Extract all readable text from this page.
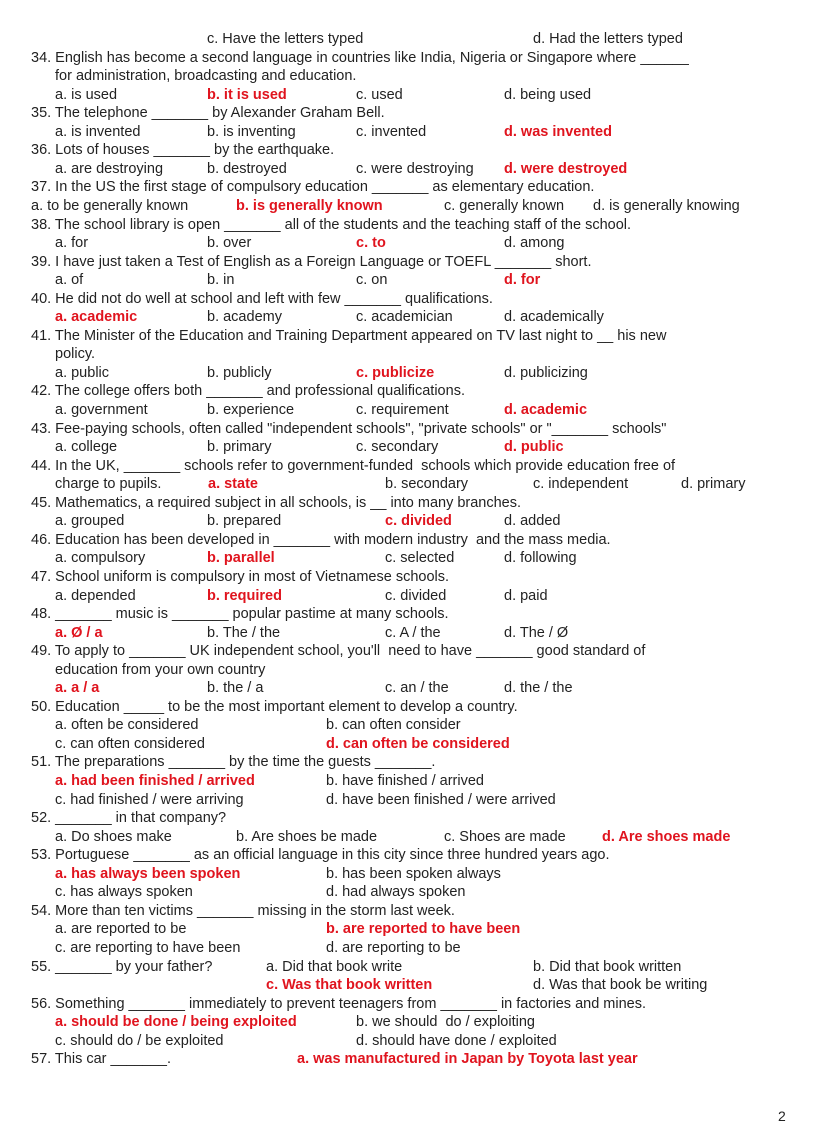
c. Have the letters typed	d. Had the letters typed
34. English has become a second language in countries like India, Nigeria or Singapore where ______
for administration, broadcasting and education.
a. is used	b. it is used	c. used	d. being used
35. The telephone _______ by Alexander Graham Bell.
a. is invented	b. is inventing	c. invented	d. was invented
36. Lots of houses _______ by the earthquake.
a. are destroying	b. destroyed	c. were destroying d. were destroyed
37. In the US the first stage of compulsory education _______ as elementary education.
a. to be generally known	b. is generally known	c. generally known d. is generally knowing
38. The school library is open _______ all of the students and the teaching staff of the school.
a. for	b. over	c. to	d. among
39. I have just taken a Test of English as a Foreign Language or TOEFL _______ short.
a. of	b. in	c. on	d. for
40. He did not do well at school and left with few _______ qualifications.
a. academic	b. academy	c. academician	d. academically
41. The Minister of the Education and Training Department appeared on TV last night to __ his new
policy.
a. public	b. publicly	c. publicize	d. publicizing
42. The college offers both _______ and professional qualifications.
a. government	b. experience	c. requirement	d. academic
43. Fee-paying schools, often called "independent schools", "private schools" or "_______ schools"
a. college	b. primary	c. secondary	d. public
44. In the UK, _______ schools refer to government-funded  schools which provide education free of
charge to pupils.	a. state	b. secondary	c. independent	d. primary
45. Mathematics, a required subject in all schools, is __ into many branches.
a. grouped	b. prepared	c. divided	d. added
46. Education has been developed in _______ with modern industry  and the mass media.
a. compulsory	b. parallel	c. selected	d. following
47. School uniform is compulsory in most of Vietnamese schools.
a. depended	b. required	c. divided	d. paid
48. _______ music is _______ popular pastime at many schools.
a. Ø / a	b. The / the	c. A / the	d. The / Ø
49. To apply to _______ UK independent school, you'll  need to have _______ good standard of
education from your own country
a. a / a	b. the / a	c. an / the	d. the / the
50. Education _____ to be the most important element to develop a country.
a. often be considered	b. can often consider
c. can often considered	d. can often be considered
51. The preparations _______ by the time the guests _______.
a. had been finished / arrived	b. have finished / arrived
c. had finished / were arriving	d. have been finished / were arrived
52. _______ in that company?
a. Do shoes make	b. Are shoes be made	c. Shoes are made	d. Are shoes made
53. Portuguese _______ as an official language in this city since three hundred years ago.
a. has always been spoken	b. has been spoken always
c. has always spoken	d. had always spoken
54. More than ten victims _______ missing in the storm last week.
a. are reported to be	b. are reported to have been
c. are reporting to have been	d. are reporting to be
55. _______ by your father?	a. Did that book write	b. Did that book written
c. Was that book written	d. Was that book be writing
56. Something _______ immediately to prevent teenagers from _______ in factories and mines.
a. should be done / being exploited	b. we should  do / exploiting
c. should do / be exploited	d. should have done / exploited
57. This car _______.	a. was manufactured in Japan by Toyota last year
2
